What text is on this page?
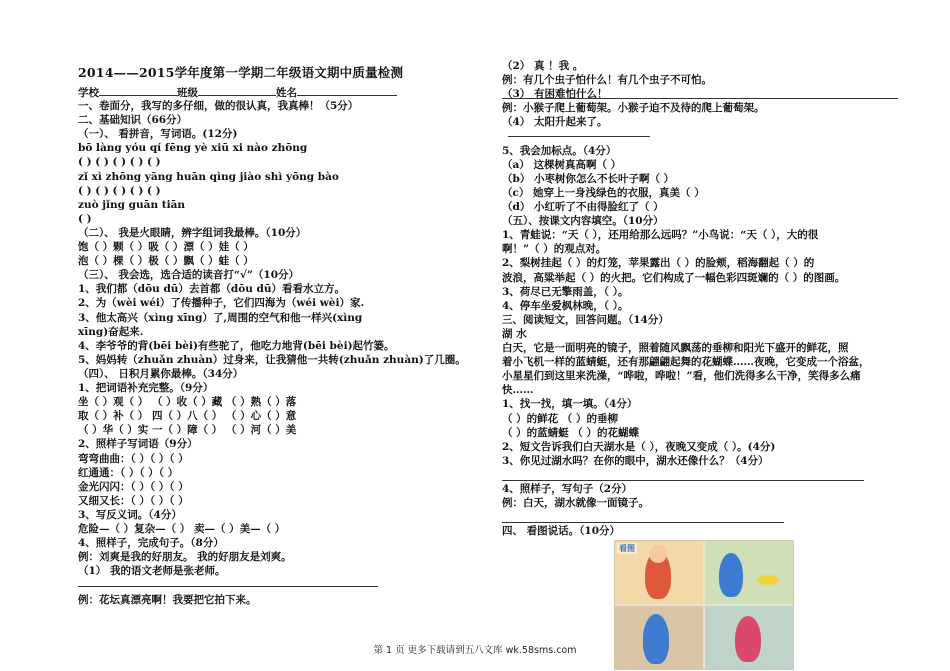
2014——2015学年度第一学期二年级语文期中质量检测
学校	班级	姓名
一、卷面分，我写的多仔细，做的很认真，我真棒！（5分）
二、基础知识（66分）
（一）、 看拼音，写词语。(12分)
bō làng yóu qí fēng yè xiū xi nào zhōng
( ) ( ) ( ) ( ) ( )
zǐ xì zhōng yāng huān qìng jiào shì yōng bào
( ) ( ) ( ) ( ) ( )
zuò jǐng guān tiān
( )
（二）、 我是火眼睛，辨字组词我最棒。（10分）
饱（ ）颗（ ）吸（ ）漂（ ）娃（ ）
泡（ ）棵（ ）极（ ）飘（ ）蛙（ ）
（三）、 我会选，选合适的读音打“√”（10分）
1、我们都（dōu dū）去首都（dōu dū）看看水立方。
2、为（wèi wéi）了传播种子，它们四海为（wéi wèi）家.
3、他太高兴（xìng xīng）了,周围的空气和他一样兴(xìng
xīng)奋起来.
4、李爷爷的背(bēi bèi)有些驼了，他吃力地背(bēi bèi)起竹篓。
5、妈妈转（zhuǎn zhuàn）过身来，让我猜他一共转(zhuǎn zhuàn)了几圈。
（四）、 日积月累你最棒。（34分）
1、把词语补充完整。（9分）
坐（ ）观（ ） （ ）收（ ）藏 （ ）熟（ ）落
取（ ）补（ ） 四（ ）八（ ） （ ）心（ ）意
（ ）华（ ）实 一（ ）障（ ） （ ）河（ ）美
2、照样子写词语（9分）
弯弯曲曲：（ ）（ ）（ ）
红通通：（ ）（ ）（ ）
金光闪闪：（ ）（ ）（ ）
又细又长：（ ）（ ）（ ）
3、写反义词。（4分）
危险—（ ）复杂—（ ） 卖—（ ）美—（ ）
4、照样子，完成句子。（8分）
例：刘爽是我的好朋友。 我的好朋友是刘爽。
（1） 我的语文老师是张老师。
例：花坛真漂亮啊！我要把它拍下来。
（2） 真 ！我 。
例：有几个虫子怕什么！有几个虫子不可怕。
（3） 有困难怕什么！
例：小猴子爬上葡萄架。小猴子迫不及待的爬上葡萄架。
（4） 太阳升起来了。
5、我会加标点。（4分）
（a） 这棵树真高啊（ ）
（b） 小枣树你怎么不长叶子啊（ ）
（c） 她穿上一身浅绿色的衣服，真美（ ）
（d） 小红听了不由得脸红了（ ）
（五）、按课文内容填空。（10分）
1、青蛙说：“天（ ），还用给那么远吗？”小鸟说：“天（ ），大的很
啊！”（ ）的观点对。
2、梨树挂起（ ）的灯笼，苹果露出（ ）的脸颊，稻海翻起（ ）的
波浪，高粱举起（ ）的火把。它们构成了一幅色彩四斑斓的（ ）的图画。
3、荷尽已无擎雨盖，（ ）。
4、停车坐爱枫林晚，（ ）。
三、阅读短文，回答问题。（14分）
湖 水
白天，它是一面明亮的镜子，照着随风飘荡的垂柳和阳光下盛开的鲜花，照
着小飞机一样的蓝蜻蜓，还有那翩翩起舞的花蝴蝶……夜晚，它变成一个浴盆，
小星星们到这里来洗澡，“哗啦，哗啦！”看，他们洗得多么干净，笑得多么痛
快……
1、找一找，填一填。（4分）
（ ）的鲜花 （ ）的垂柳
（ ）的蓝蜻蜓 （ ）的花蝴蝶
2、短文告诉我们白天湖水是（ ），夜晚又变成（ ）。(4分)
3、你见过湖水吗？在你的眼中，湖水还像什么？（4分）
4、照样子，写句子（2分）
例：白天，湖水就像一面镜子。
四、 看图说话。（10分）
看图
第 1 页 更多下载请到五八文库 wk.58sms.com
